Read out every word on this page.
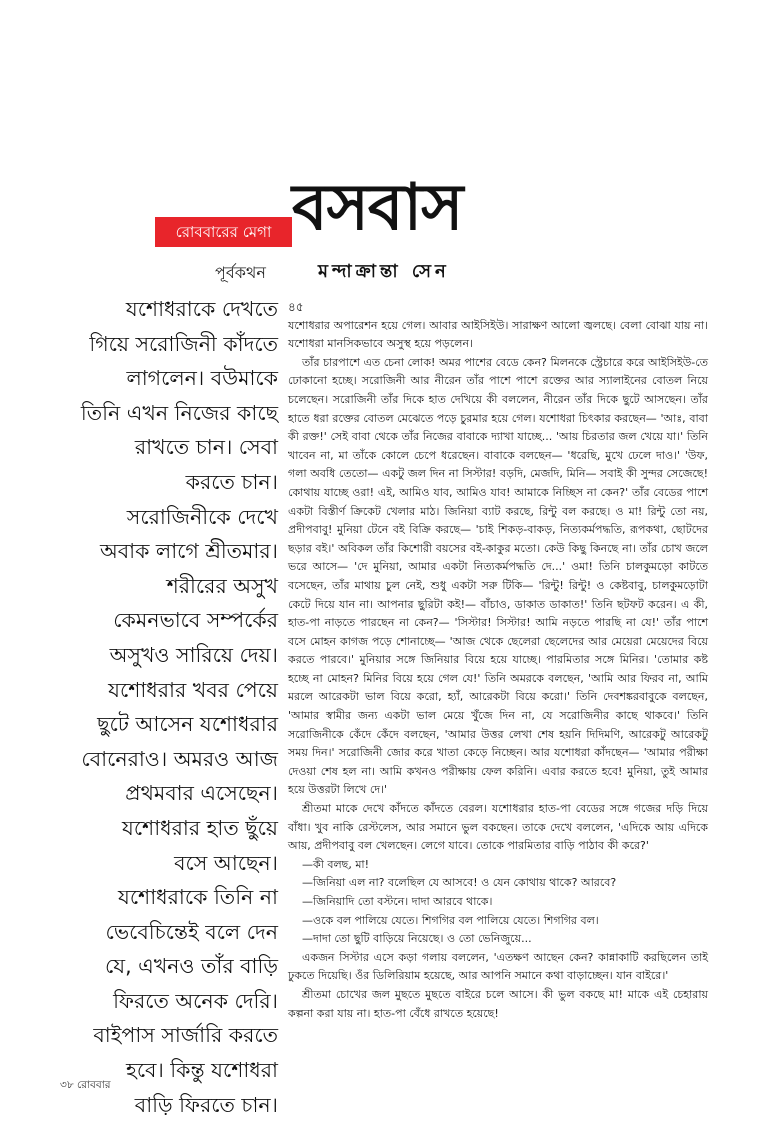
রোববারের মেগা বসবাস
পূর্বকথন	মন্দাক্রান্তা সেন
যশোধরাকে দেখতে
গিয়ে সরোজিনী কাঁদতে
লাগলেন। বউমাকে
তিনি এখন নিজের কাছে
রাখতে চান। সেবা
করতে চান।
সরোজিনীকে দেখে
অবাক লাগে শ্রীতমার।
শরীরের অসুখ
কেমনভাবে সম্পর্কের
অসুখও সারিয়ে দেয়।
যশোধরার খবর পেয়ে
ছুটে আসেন যশোধরার
বোনেরাও। অমরও আজ
প্রথমবার এসেছেন।
যশোধরার হাত ছুঁয়ে
বসে আছেন।
যশোধরাকে তিনি না
ভেবেচিন্তেই বলে দেন
যে, এখনও তাঁর বাড়ি
ফিরতে অনেক দেরি।
বাইপাস সার্জারি করতে
হবে। কিন্তু যশোধরা
বাড়ি ফিরতে চান।
৪৫

যশোধরার অপারেশন হয়ে গেল। আবার আইসিইউ। সারাক্ষণ আলো জ্বলছে। বেলা বোঝা যায় না। যশোধরা মানসিকভাবে অসুস্থ হয়ে পড়লেন।

তাঁর চারপাশে এত চেনা লোক! অমর পাশের বেডে কেন? মিলনকে স্ট্রেচারে করে আইসিইউ-তে ঢোকানো হচ্ছে। সরোজিনী আর নীরেন তাঁর পাশে পাশে রক্তের আর স্যালাইনের বোতল নিয়ে চলেছেন। সরোজিনী তাঁর দিকে হাত দেখিয়ে কী বললেন, নীরেন তাঁর দিকে ছুটে আসছেন। তাঁর হাতে ধরা রক্তের বোতল মেঝেতে পড়ে চুরমার হয়ে গেল। যশোধরা চিৎকার করছেন— 'আঃ, বাবা কী রক্ত!' সেই বাবা থেকে তাঁর নিজের বাবাকে দ্যাখা যাচ্ছে... 'আয় চিরতার জল খেয়ে যা।' তিনি খাবেন না, মা তাঁকে কোলে চেপে ধরেছেন। বাবাকে বলছেন— 'ধরেছি, মুখে ঢেলে দাও।' 'উফ, গলা অবধি তেতো— একটু জল দিন না সিস্টার! বড়দি, মেজদি, মিনি— সবাই কী সুন্দর সেজেছে! কোথায় যাচ্ছে ওরা! এই, আমিও যাব, আমিও যাব! আমাকে নিচ্ছিস না কেন?' তাঁর বেডের পাশে একটা বিস্তীর্ণ ক্রিকেট খেলার মাঠ। জিনিয়া ব্যাট করছে, রিন্টু বল করছে। ও মা! রিন্টু তো নয়, প্রদীপবাবু! মুনিয়া টেনে বই বিক্রি করছে— 'চাই শিকড়-বাকড়, নিত্যকর্মপদ্ধতি, রূপকথা, ছোটদের ছড়ার বই।' অবিকল তাঁর কিশোরী বয়সের বই-কাকুর মতো। কেউ কিছু কিনছে না। তাঁর চোখ জলে ভরে আসে— 'দে মুনিয়া, আমার একটা নিত্যকর্মপদ্ধতি দে...' ওমা! তিনি চালকুমড়ো কাটতে বসেছেন, তাঁর মাথায় চুল নেই, শুধু একটা সরু টিকি— 'রিন্টু! রিন্টু! ও কেষ্টবাবু, চালকুমড়োটা কেটে দিয়ে যান না। আপনার ছুরিটা কই!— বাঁচাও, ডাকাত ডাকাত!' তিনি ছটফট করেন। এ কী, হাত-পা নাড়তে পারছেন না কেন?— 'সিস্টার! সিস্টার! আমি নড়তে পারছি না যে!' তাঁর পাশে বসে মোহন কাগজ পড়ে শোনাচ্ছে— 'আজ থেকে ছেলেরা ছেলেদের আর মেয়েরা মেয়েদের বিয়ে করতে পারবে।' মুনিয়ার সঙ্গে জিনিয়ার বিয়ে হয়ে যাচ্ছে। পারমিতার সঙ্গে মিনির। 'তোমার কষ্ট হচ্ছে না মোহন? মিনির বিয়ে হয়ে গেল যে!' তিনি অমরকে বলছেন, 'আমি আর ফিরব না, আমি মরলে আরেকটা ভাল বিয়ে করো, হ্যাঁ, আরেকটা বিয়ে করো।' তিনি দেবশঙ্করবাবুকে বলছেন, 'আমার স্বামীর জন্য একটা ভাল মেয়ে খুঁজে দিন না, যে সরোজিনীর কাছে থাকবে।' তিনি সরোজিনীকে কেঁদে কেঁদে বলছেন, 'আমার উত্তর লেখা শেষ হয়নি দিদিমণি, আরেকটু আরেকটু সময় দিন।' সরোজিনী জোর করে খাতা কেড়ে নিচ্ছেন। আর যশোধরা কাঁদছেন— 'আমার পরীক্ষা দেওয়া শেষ হল না। আমি কখনও পরীক্ষায় ফেল করিনি। এবার করতে হবে! মুনিয়া, তুই আমার হয়ে উত্তরটা লিখে দে।'

শ্রীতমা মাকে দেখে কাঁদতে কাঁদতে বেরল। যশোধরার হাত-পা বেডের সঙ্গে গজের দড়ি দিয়ে বাঁধা। খুব নাকি রেস্টলেস, আর সমানে ভুল বকছেন। তাকে দেখে বললেন, 'এদিকে আয় এদিকে আয়, প্রদীপবাবু বল খেলছেন। লেগে যাবে। তোকে পারমিতার বাড়ি পাঠাব কী করে?'

—কী বলছ, মা!

—জিনিয়া এল না? বলেছিল যে আসবে! ও যেন কোথায় থাকে? আরবে?

—জিনিয়াদি তো বস্টনে। দাদা আরবে থাকে।

—ওকে বল পালিয়ে যেতে। শিগগির বল পালিয়ে যেতে। শিগগির বল।

—দাদা তো ছুটি বাড়িয়ে নিয়েছে। ও তো ভেনিজুয়ে...

একজন সিস্টার এসে কড়া গলায় বললেন, 'এতক্ষণ আছেন কেন? কান্নাকাটি করছিলেন তাই ঢুকতে দিয়েছি। ওঁর ডিলিরিয়াম হয়েছে, আর আপনি সমানে কথা বাড়াচ্ছেন। যান বাইরে।'

শ্রীতমা চোখের জল মুছতে মুছতে বাইরে চলে আসে। কী ভুল বকছে মা! মাকে এই চেহারায় কল্পনা করা যায় না। হাত-পা বেঁধে রাখতে হয়েছে!

৩৮ রোববার
